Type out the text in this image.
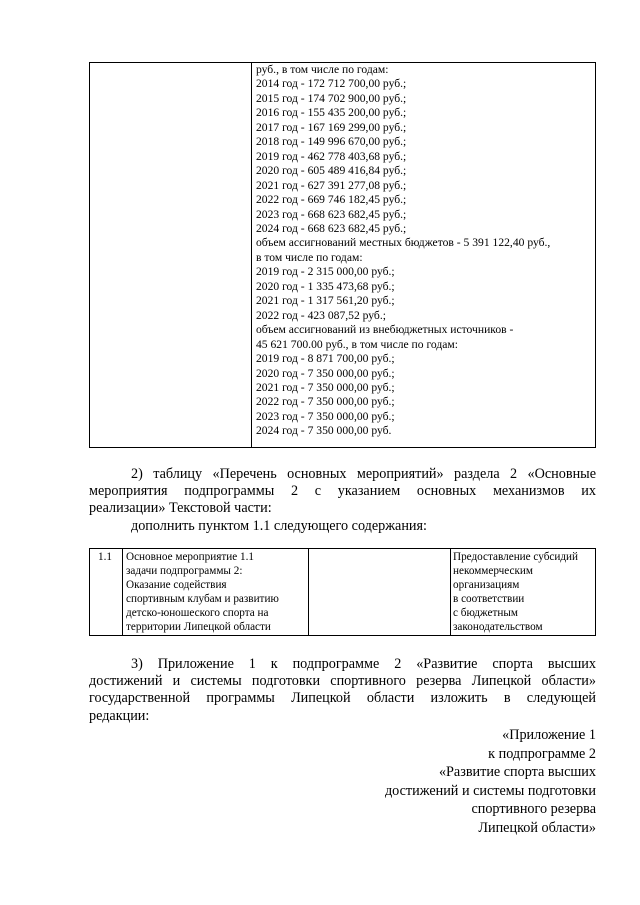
руб., в том числе по годам:
2014 год - 172 712 700,00 руб.;
2015 год - 174 702 900,00 руб.;
2016 год - 155 435 200,00 руб.;
2017 год - 167 169 299,00 руб.;
2018 год - 149 996 670,00 руб.;
2019 год - 462 778 403,68 руб.;
2020 год - 605 489 416,84 руб.;
2021 год - 627 391 277,08 руб.;
2022 год - 669 746 182,45 руб.;
2023 год - 668 623 682,45 руб.;
2024 год - 668 623 682,45 руб.;
объем ассигнований местных бюджетов - 5 391 122,40 руб.,
в том числе по годам:
2019 год - 2 315 000,00 руб.;
2020 год - 1 335 473,68 руб.;
2021 год - 1 317 561,20 руб.;
2022 год - 423 087,52 руб.;
объем ассигнований из внебюджетных источников -
45 621 700.00 руб., в том числе по годам:
2019 год - 8 871 700,00 руб.;
2020 год - 7 350 000,00 руб.;
2021 год - 7 350 000,00 руб.;
2022 год - 7 350 000,00 руб.;
2023 год - 7 350 000,00 руб.;
2024 год - 7 350 000,00 руб.
2) таблицу «Перечень основных мероприятий» раздела 2 «Основные
мероприятия подпрограммы 2 с указанием основных механизмов их
реализации» Текстовой части:
дополнить пунктом 1.1 следующего содержания:
1.1 Основное мероприятие 1.1
задачи подпрограммы 2:
Оказание содействия
спортивным клубам и развитию
детско-юношеского спорта на
территории Липецкой области
Предоставление субсидий
некоммерческим
организациям
в соответствии
с бюджетным
законодательством
3) Приложение 1 к подпрограмме 2 «Развитие спорта высших
достижений и системы подготовки спортивного резерва Липецкой области»
государственной программы Липецкой области изложить в следующей
редакции:
«Приложение 1
к подпрограмме 2
«Развитие спорта высших
достижений и системы подготовки
спортивного резерва
Липецкой области»
